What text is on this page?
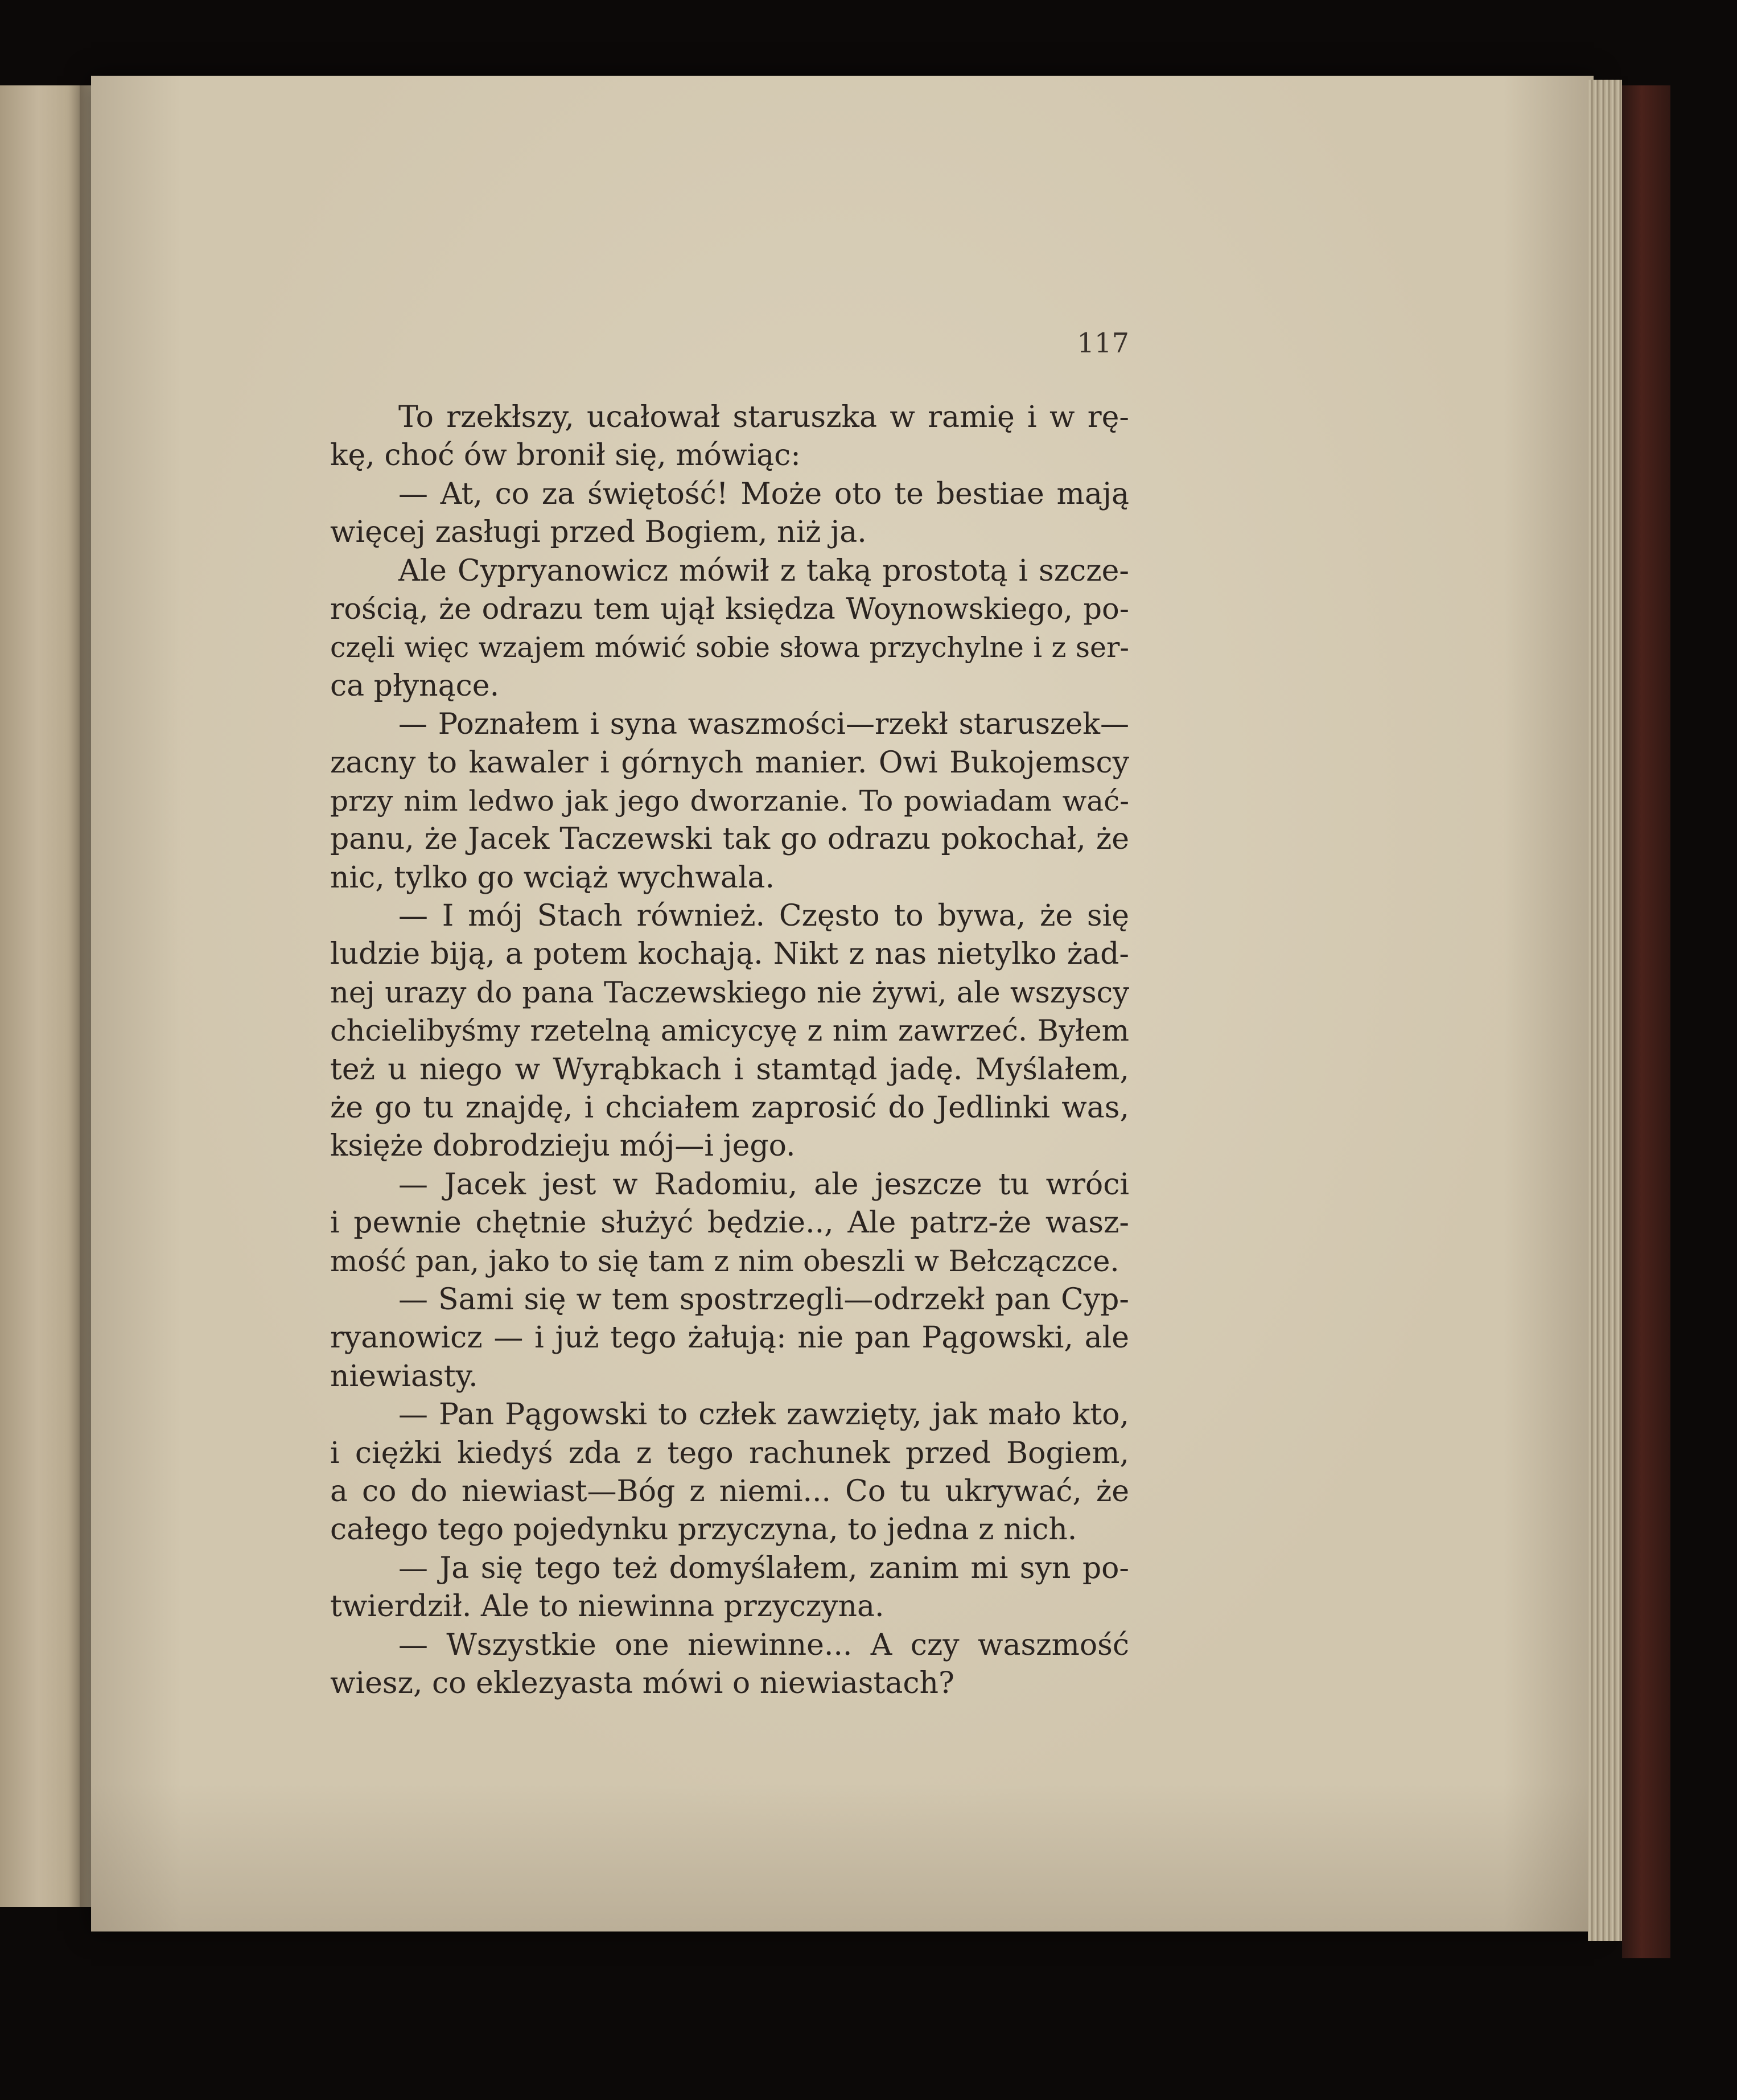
117
To rzekłszy, ucałował staruszka w ramię i w rę-
kę, choć ów bronił się, mówiąc:
— At, co za świętość! Może oto te bestiae mają
więcej zasługi przed Bogiem, niż ja.
Ale Cypryanowicz mówił z taką prostotą i szcze-
rością, że odrazu tem ujął księdza Woynowskiego, po-
częli więc wzajem mówić sobie słowa przychylne i z ser-
ca płynące.
— Poznałem i syna waszmości—rzekł staruszek—
zacny to kawaler i górnych manier. Owi Bukojemscy
przy nim ledwo jak jego dworzanie. To powiadam wać-
panu, że Jacek Taczewski tak go odrazu pokochał, że
nic, tylko go wciąż wychwala.
— I mój Stach również. Często to bywa, że się
ludzie biją, a potem kochają. Nikt z nas nietylko żad-
nej urazy do pana Taczewskiego nie żywi, ale wszyscy
chcielibyśmy rzetelną amicycyę z nim zawrzeć. Byłem
też u niego w Wyrąbkach i stamtąd jadę. Myślałem,
że go tu znajdę, i chciałem zaprosić do Jedlinki was,
księże dobrodzieju mój—i jego.
— Jacek jest w Radomiu, ale jeszcze tu wróci
i pewnie chętnie służyć będzie.., Ale patrz-że wasz-
mość pan, jako to się tam z nim obeszli w Bełczączce.
— Sami się w tem spostrzegli—odrzekł pan Cyp-
ryanowicz — i już tego żałują: nie pan Pągowski, ale
niewiasty.
— Pan Pągowski to człek zawzięty, jak mało kto,
i ciężki kiedyś zda z tego rachunek przed Bogiem,
a co do niewiast—Bóg z niemi... Co tu ukrywać, że
całego tego pojedynku przyczyna, to jedna z nich.
— Ja się tego też domyślałem, zanim mi syn po-
twierdził. Ale to niewinna przyczyna.
— Wszystkie one niewinne... A czy waszmość
wiesz, co eklezyasta mówi o niewiastach?
